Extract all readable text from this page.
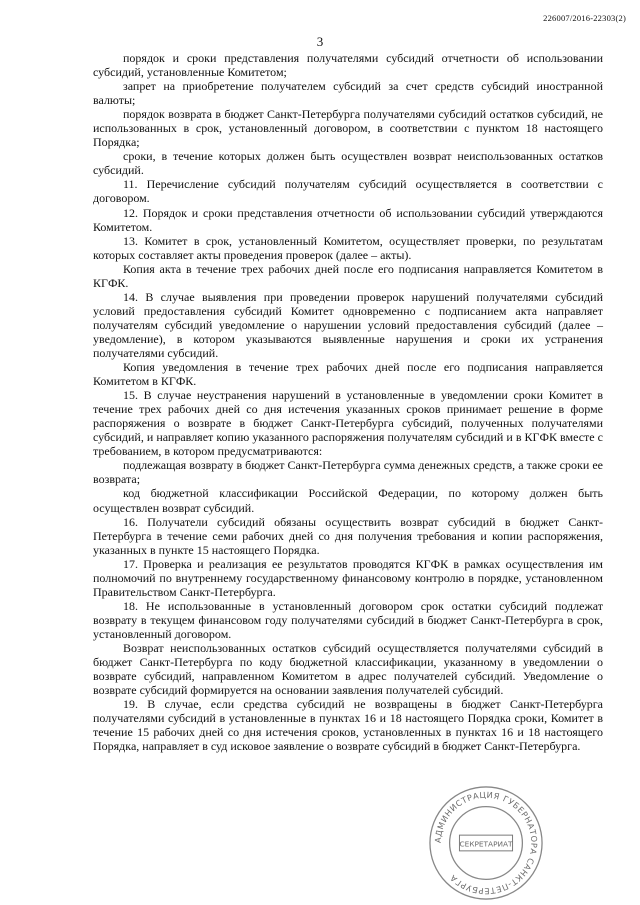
226007/2016-22303(2)
3

порядок и сроки представления получателями субсидий отчетности об использовании субсидий, установленные Комитетом;

запрет на приобретение получателем субсидий за счет средств субсидий иностранной валюты;

порядок возврата в бюджет Санкт-Петербурга получателями субсидий остатков субсидий, не использованных в срок, установленный договором, в соответствии с пунктом 18 настоящего Порядка;

сроки, в течение которых должен быть осуществлен возврат неиспользованных остатков субсидий.

11. Перечисление субсидий получателям субсидий осуществляется в соответствии с договором.

12. Порядок и сроки представления отчетности об использовании субсидий утверждаются Комитетом.

13. Комитет в срок, установленный Комитетом, осуществляет проверки, по результатам которых составляет акты проведения проверок (далее – акты).

Копия акта в течение трех рабочих дней после его подписания направляется Комитетом в КГФК.

14. В случае выявления при проведении проверок нарушений получателями субсидий условий предоставления субсидий Комитет одновременно с подписанием акта направляет получателям субсидий уведомление о нарушении условий предоставления субсидий (далее – уведомление), в котором указываются выявленные нарушения и сроки их устранения получателями субсидий.

Копия уведомления в течение трех рабочих дней после его подписания направляется Комитетом в КГФК.

15. В случае неустранения нарушений в установленные в уведомлении сроки Комитет в течение трех рабочих дней со дня истечения указанных сроков принимает решение в форме распоряжения о возврате в бюджет Санкт-Петербурга субсидий, полученных получателями субсидий, и направляет копию указанного распоряжения получателям субсидий и в КГФК вместе с требованием, в котором предусматриваются:

подлежащая возврату в бюджет Санкт-Петербурга сумма денежных средств, а также сроки ее возврата;

код бюджетной классификации Российской Федерации, по которому должен быть осуществлен возврат субсидий.

16. Получатели субсидий обязаны осуществить возврат субсидий в бюджет Санкт-Петербурга в течение семи рабочих дней со дня получения требования и копии распоряжения, указанных в пункте 15 настоящего Порядка.

17. Проверка и реализация ее результатов проводятся КГФК в рамках осуществления им полномочий по внутреннему государственному финансовому контролю в порядке, установленном Правительством Санкт-Петербурга.

18. Не использованные в установленный договором срок остатки субсидий подлежат возврату в текущем финансовом году получателями субсидий в бюджет Санкт-Петербурга в срок, установленный договором.

Возврат неиспользованных остатков субсидий осуществляется получателями субсидий в бюджет Санкт-Петербурга по коду бюджетной классификации, указанному в уведомлении о возврате субсидий, направленном Комитетом в адрес получателей субсидий. Уведомление о возврате субсидий формируется на основании заявления получателей субсидий.

19. В случае, если средства субсидий не возвращены в бюджет Санкт-Петербурга получателями субсидий в установленные в пунктах 16 и 18 настоящего Порядка сроки, Комитет в течение 15 рабочих дней со дня истечения сроков, установленных в пунктах 16 и 18 настоящего Порядка, направляет в суд исковое заявление о возврате субсидий в бюджет Санкт-Петербурга.

АДМИНИСТРАЦИЯ ГУБЕРНАТОРА САНКТ-ПЕТЕРБУРГА
СЕКРЕТАРИАТ
